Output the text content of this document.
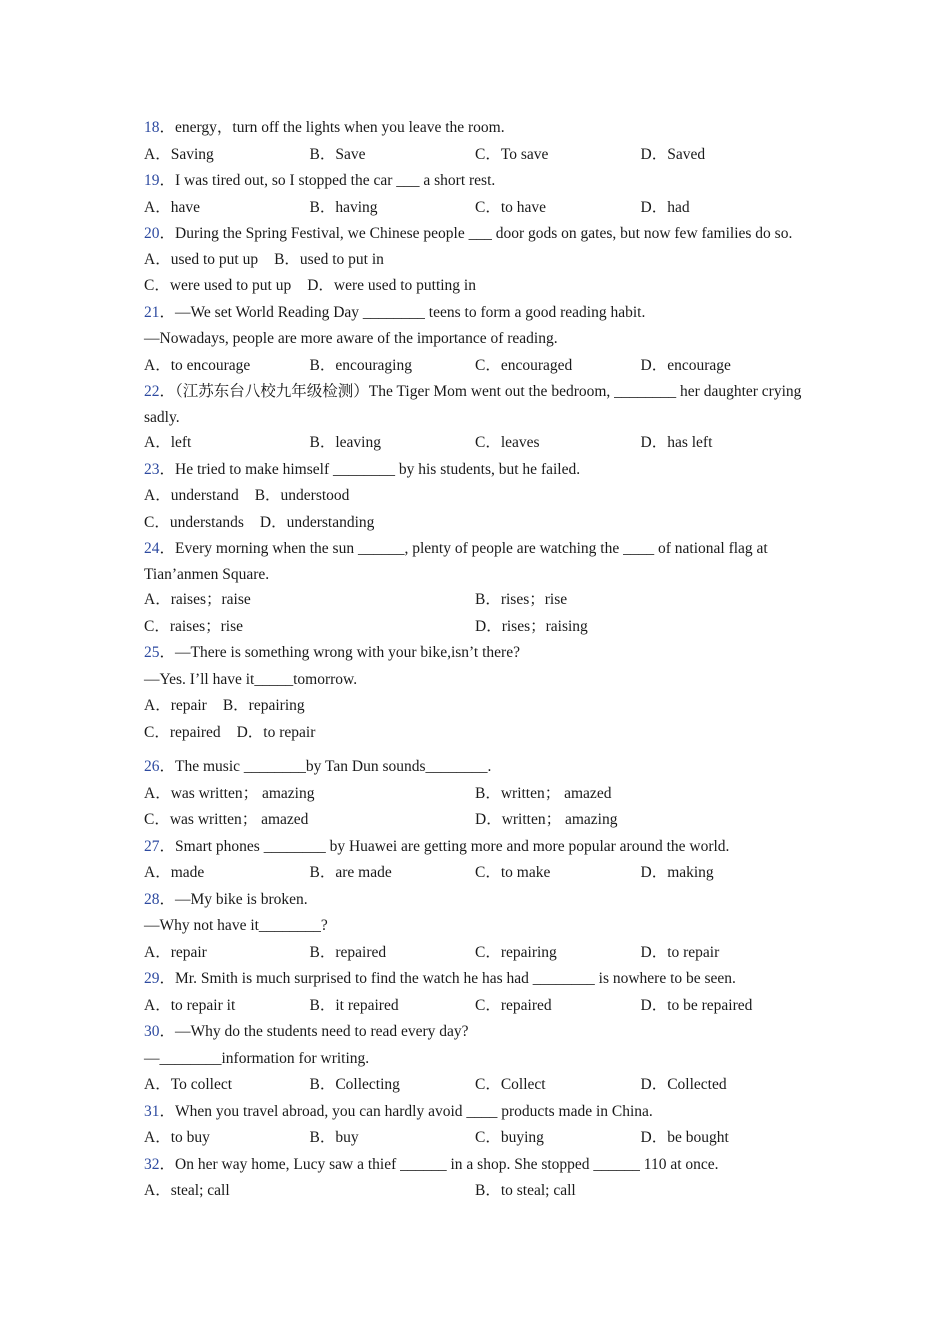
18．energy，turn off the lights when you leave the room.
A．Saving	B．Save	C．To save	D．Saved
19．I was tired out, so I stopped the car ___ a short rest.
A．have	B．having	C．to have	D．had
20．During the Spring Festival, we Chinese people ___ door gods on gates, but now few families do so.
A．used to put up B．used to put in
C．were used to put up D．were used to putting in
21．—We set World Reading Day ________ teens to form a good reading habit.
—Nowadays, people are more aware of the importance of reading.
A．to encourage	B．encouraging	C．encouraged	D．encourage
22．（江苏东台八校九年级检测）The Tiger Mom went out the bedroom, ________ her daughter crying sadly.
A．left	B．leaving	C．leaves	D．has left
23．He tried to make himself ________ by his students, but he failed.
A．understand B．understood
C．understands D．understanding
24．Every morning when the sun ______, plenty of people are watching the ____ of national flag at Tian’anmen Square.
A．raises；raise	B．rises；rise
C．raises；rise	D．rises；raising
25．—There is something wrong with your bike,isn’t there?
—Yes. I’ll have it_____tomorrow.
A．repair B．repairing
C．repaired D．to repair
26．The music ________by Tan Dun sounds________.
A．was written； amazing	B．written； amazed
C．was written； amazed	D．written； amazing
27．Smart phones ________ by Huawei are getting more and more popular around the world.
A．made	B．are made	C．to make	D．making
28．—My bike is broken.
—Why not have it________?
A．repair	B．repaired	C．repairing	D．to repair
29．Mr. Smith is much surprised to find the watch he has had ________ is nowhere to be seen.
A．to repair it	B．it repaired	C．repaired	D．to be repaired
30．—Why do the students need to read every day?
—________information for writing.
A．To collect	B．Collecting	C．Collect	D．Collected
31．When you travel abroad, you can hardly avoid ____ products made in China.
A．to buy	B．buy	C．buying	D．be bought
32．On her way home, Lucy saw a thief ______ in a shop. She stopped ______ 110 at once.
A．steal; call	B．to steal; call
